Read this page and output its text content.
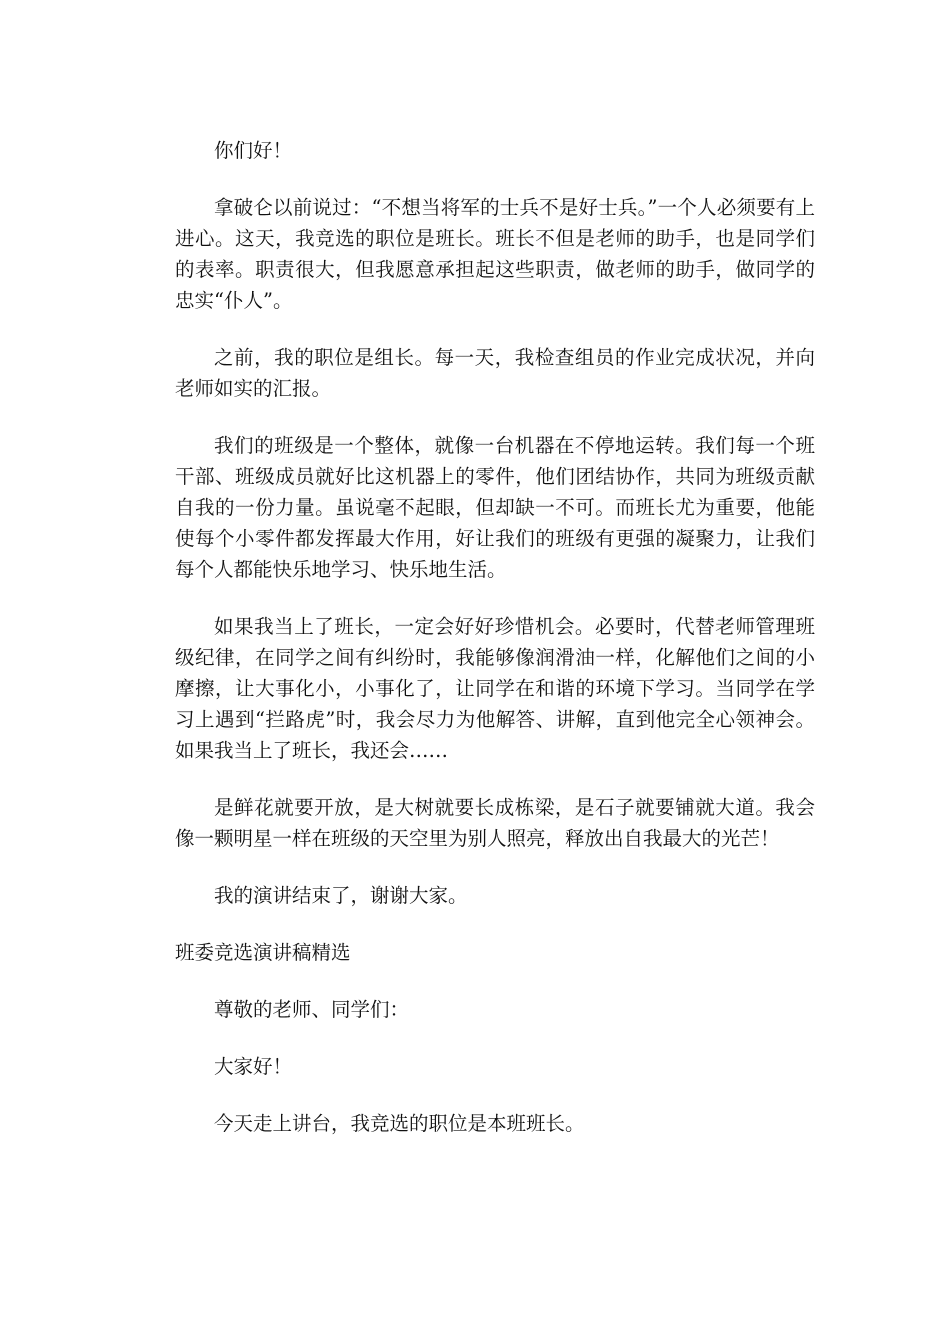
你们好！

拿破仑以前说过：“不想当将军的士兵不是好士兵。”一个人必须要有上进心。这天，我竞选的职位是班长。班长不但是老师的助手，也是同学们的表率。职责很大，但我愿意承担起这些职责，做老师的助手，做同学的忠实“仆人”。

之前，我的职位是组长。每一天，我检查组员的作业完成状况，并向老师如实的汇报。

我们的班级是一个整体，就像一台机器在不停地运转。我们每一个班干部、班级成员就好比这机器上的零件，他们团结协作，共同为班级贡献自我的一份力量。虽说毫不起眼，但却缺一不可。而班长尤为重要，他能使每个小零件都发挥最大作用，好让我们的班级有更强的凝聚力，让我们每个人都能快乐地学习、快乐地生活。

如果我当上了班长，一定会好好珍惜机会。必要时，代替老师管理班级纪律，在同学之间有纠纷时，我能够像润滑油一样，化解他们之间的小摩擦，让大事化小，小事化了，让同学在和谐的环境下学习。当同学在学习上遇到“拦路虎”时，我会尽力为他解答、讲解，直到他完全心领神会。如果我当上了班长，我还会……

是鲜花就要开放，是大树就要长成栋梁，是石子就要铺就大道。我会像一颗明星一样在班级的天空里为别人照亮，释放出自我最大的光芒！

我的演讲结束了，谢谢大家。

班委竞选演讲稿精选

尊敬的老师、同学们：

大家好！

今天走上讲台，我竞选的职位是本班班长。
